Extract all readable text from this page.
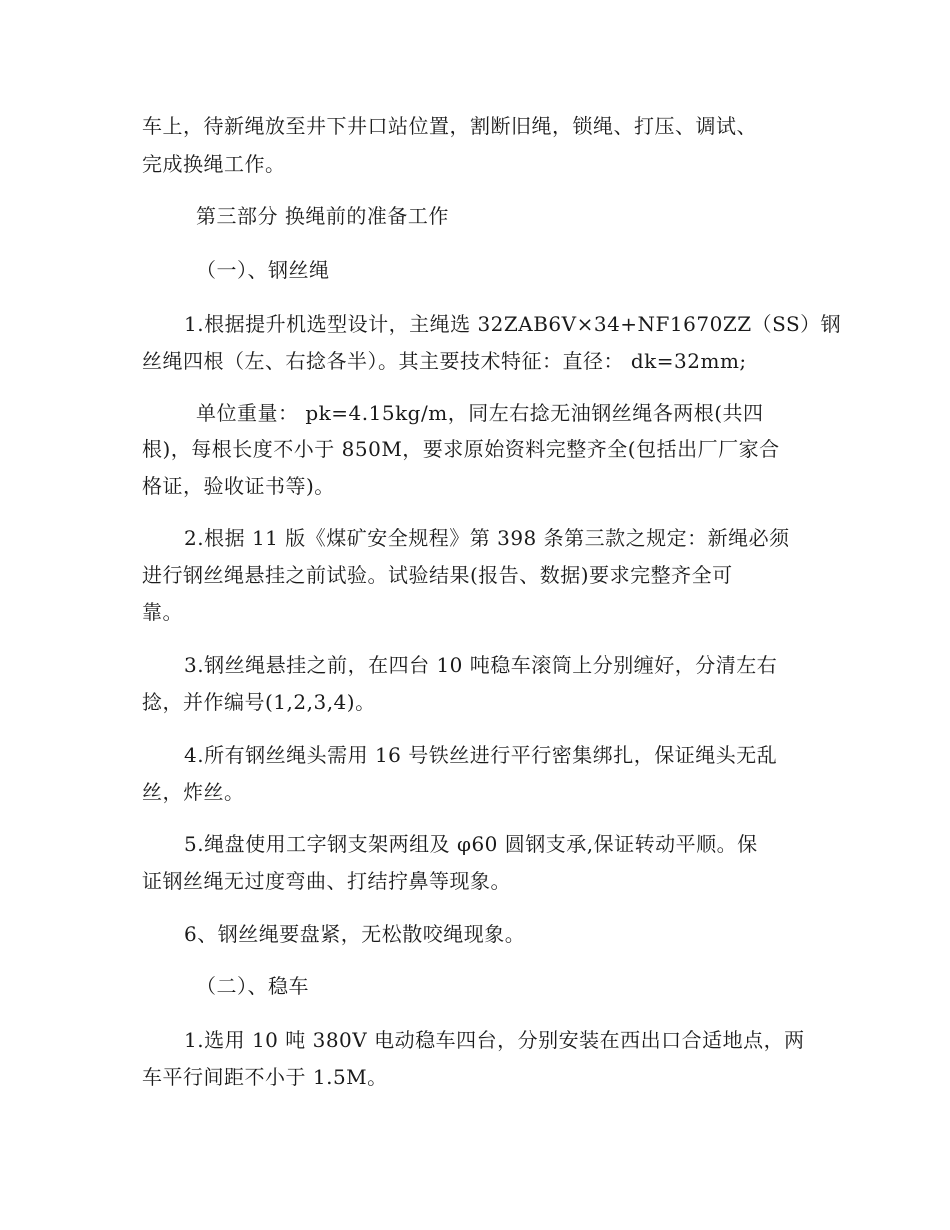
车上，待新绳放至井下井口站位置，割断旧绳，锁绳、打压、调试、
完成换绳工作。
第三部分 换绳前的准备工作
（一）、钢丝绳
1.根据提升机选型设计，主绳选 32ZAB6V×34+NF1670ZZ（SS）钢
丝绳四根（左、右捻各半）。其主要技术特征：直径： dk=32mm;
单位重量： pk=4.15kg/m，同左右捻无油钢丝绳各两根(共四
根)，每根长度不小于 850M，要求原始资料完整齐全(包括出厂厂家合
格证，验收证书等)。
2.根据 11 版《煤矿安全规程》第 398 条第三款之规定：新绳必须
进行钢丝绳悬挂之前试验。试验结果(报告、数据)要求完整齐全可
靠。
3.钢丝绳悬挂之前，在四台 10 吨稳车滚筒上分别缠好，分清左右
捻，并作编号(1,2,3,4)。
4.所有钢丝绳头需用 16 号铁丝进行平行密集绑扎，保证绳头无乱
丝，炸丝。
5.绳盘使用工字钢支架两组及 φ60 圆钢支承,保证转动平顺。保
证钢丝绳无过度弯曲、打结拧鼻等现象。
6、钢丝绳要盘紧，无松散咬绳现象。
（二）、稳车
1.选用 10 吨 380V 电动稳车四台，分别安装在西出口合适地点，两
车平行间距不小于 1.5M。
